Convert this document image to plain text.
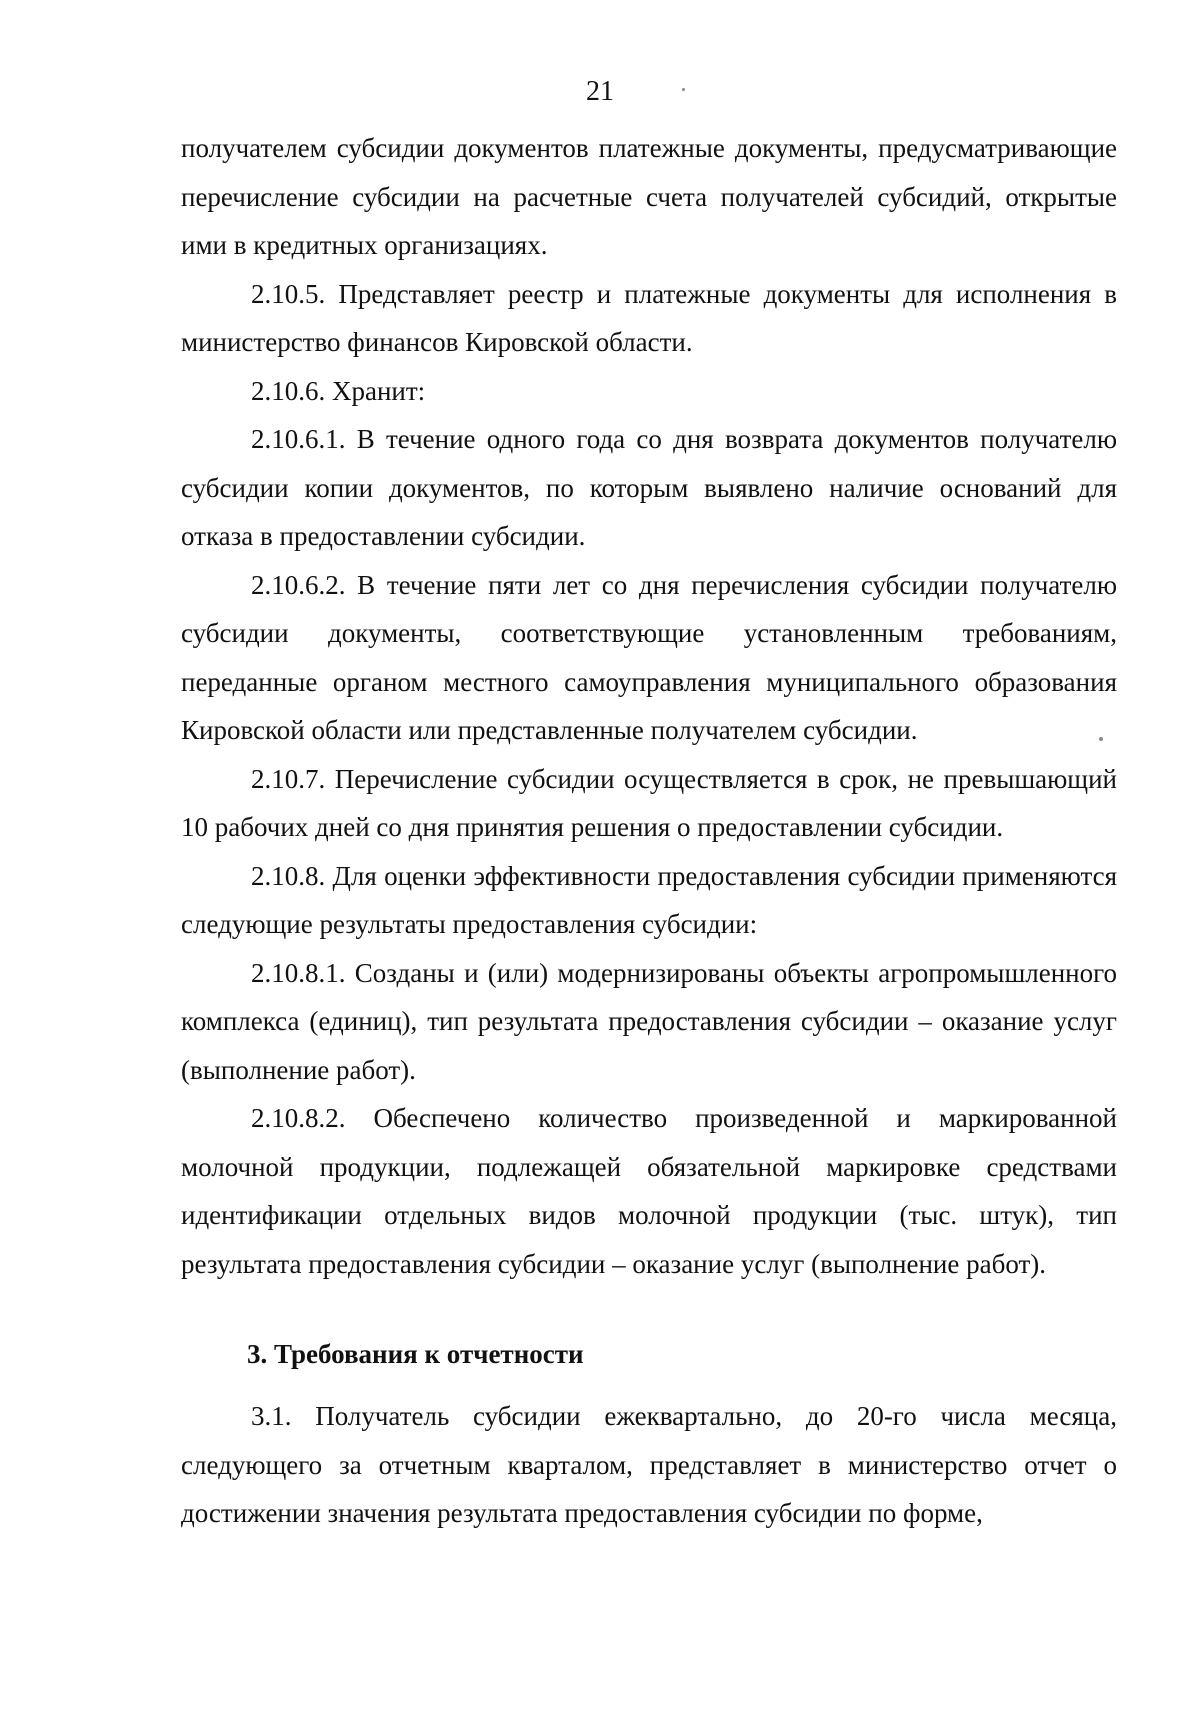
21

получателем субсидии документов платежные документы, предусматривающие перечисление субсидии на расчетные счета получателей субсидий, открытые ими в кредитных организациях.

2.10.5. Представляет реестр и платежные документы для исполнения в министерство финансов Кировской области.

2.10.6. Хранит:

2.10.6.1. В течение одного года со дня возврата документов получателю субсидии копии документов, по которым выявлено наличие оснований для отказа в предоставлении субсидии.

2.10.6.2. В течение пяти лет со дня перечисления субсидии получателю субсидии документы, соответствующие установленным требованиям, переданные органом местного самоуправления муниципального образования Кировской области или представленные получателем субсидии.

2.10.7. Перечисление субсидии осуществляется в срок, не превышающий 10 рабочих дней со дня принятия решения о предоставлении субсидии.

2.10.8. Для оценки эффективности предоставления субсидии применяются следующие результаты предоставления субсидии:

2.10.8.1. Созданы и (или) модернизированы объекты агропромышленного комплекса (единиц), тип результата предоставления субсидии – оказание услуг (выполнение работ).

2.10.8.2. Обеспечено количество произведенной и маркированной молочной продукции, подлежащей обязательной маркировке средствами идентификации отдельных видов молочной продукции (тыс. штук), тип результата предоставления субсидии – оказание услуг (выполнение работ).

3. Требования к отчетности

3.1. Получатель субсидии ежеквартально, до 20-го числа месяца, следующего за отчетным кварталом, представляет в министерство отчет о достижении значения результата предоставления субсидии по форме,
